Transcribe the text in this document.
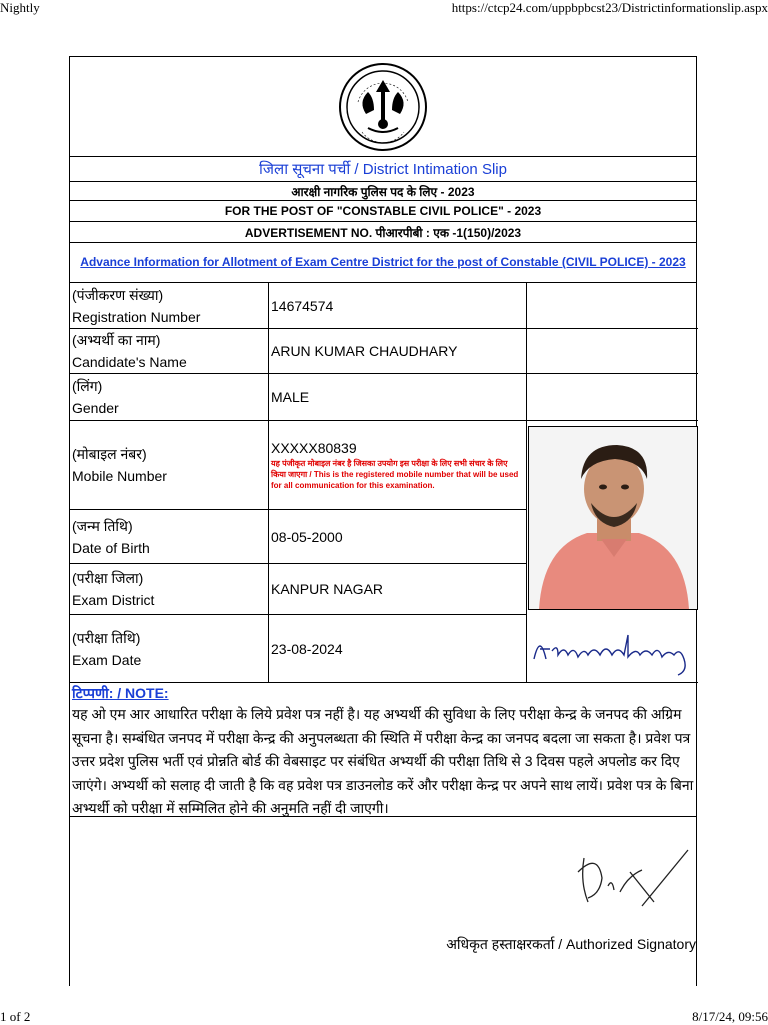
Nightly	https://ctcp24.com/uppbpbcst23/Districtinformationslip.aspx
जिला सूचना पर्ची / District Intimation Slip
आरक्षी नागरिक पुलिस पद के लिए - 2023
FOR THE POST OF "CONSTABLE CIVIL POLICE" - 2023
ADVERTISEMENT NO. पीआरपीबी : एक -1(150)/2023
Advance Information for Allotment of Exam Centre District for the post of Constable (CIVIL POLICE) - 2023
(पंजीकरण संख्या)
Registration Number
14674574
(अभ्यर्थी का नाम)
Candidate's Name
ARUN KUMAR CHAUDHARY
(लिंग)
Gender
MALE
(मोबाइल नंबर)
Mobile Number
XXXXX80839
यह पंजीकृत मोबाइल नंबर है जिसका उपयोग इस परीक्षा के लिए सभी संचार के लिए किया जाएगा / This is the registered mobile number that will be used for all communication for this examination.
(जन्म तिथि)
Date of Birth
08-05-2000
(परीक्षा जिला)
Exam District
KANPUR NAGAR
(परीक्षा तिथि)
Exam Date
23-08-2024
टिप्पणी: / NOTE:
यह ओ एम आर आधारित परीक्षा के लिये प्रवेश पत्र नहीं है। यह अभ्यर्थी की सुविधा के लिए परीक्षा केन्द्र के जनपद की अग्रिम सूचना है। सम्बंधित जनपद में परीक्षा केन्द्र की अनुपलब्धता की स्थिति में परीक्षा केन्द्र का जनपद बदला जा सकता है। प्रवेश पत्र उत्तर प्रदेश पुलिस भर्ती एवं प्रोन्नति बोर्ड की वेबसाइट पर संबंधित अभ्यर्थी की परीक्षा तिथि से 3 दिवस पहले अपलोड कर दिए जाएंगे। अभ्यर्थी को सलाह दी जाती है कि वह प्रवेश पत्र डाउनलोड करें और परीक्षा केन्द्र पर अपने साथ लायें। प्रवेश पत्र के बिना अभ्यर्थी को परीक्षा में सम्मिलित होने की अनुमति नहीं दी जाएगी।
अधिकृत हस्ताक्षरकर्ता / Authorized Signatory
1 of 2	8/17/24, 09:56
